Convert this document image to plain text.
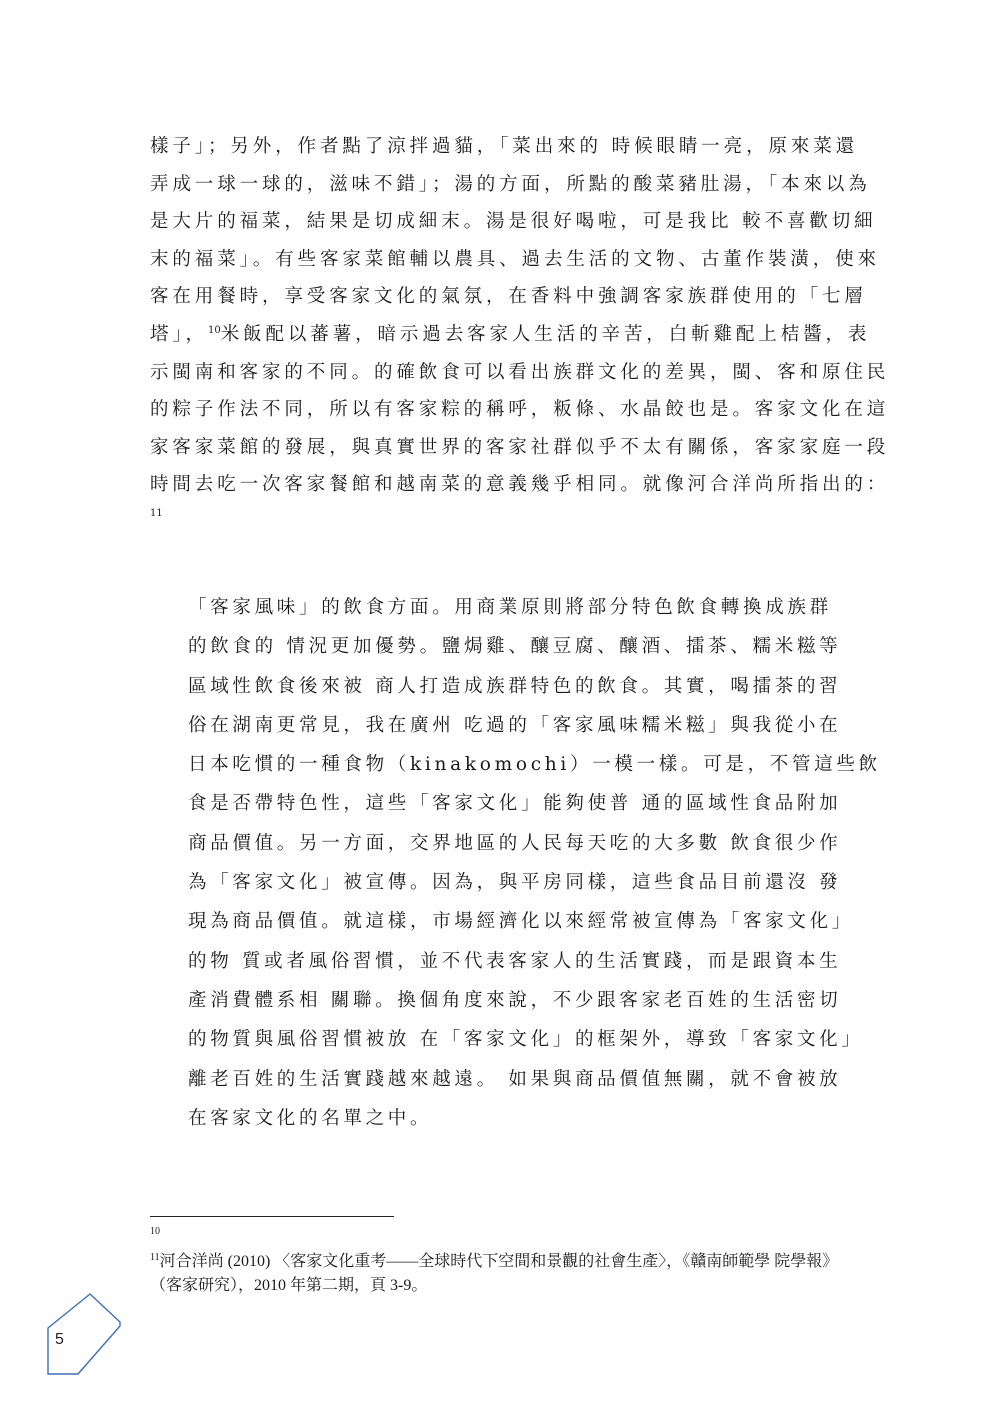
樣子」；另外，作者點了涼拌過貓，「菜出來的 時候眼睛一亮，原來菜還
弄成一球一球的，滋味不錯」；湯的方面，所點的酸菜豬肚湯，「本來以為
是大片的福菜，結果是切成細末。湯是很好喝啦，可是我比 較不喜歡切細
末的福菜」。有些客家菜館輔以農具、過去生活的文物、古董作裝潢，使來
客在用餐時，享受客家文化的氣氛，在香料中強調客家族群使用的「七層
塔」，$^{10}$米飯配以蕃薯，暗示過去客家人生活的辛苦，白斬雞配上桔醬，表
示閩南和客家的不同。的確飲食可以看出族群文化的差異，閩、客和原住民
的粽子作法不同，所以有客家粽的稱呼，粄條、水晶餃也是。客家文化在這
家客家菜館的發展，與真實世界的客家社群似乎不太有關係，客家家庭一段
時間去吃一次客家餐館和越南菜的意義幾乎相同。就像河合洋尚所指出的：
11
「客家風味」的飲食方面。用商業原則將部分特色飲食轉換成族群
的飲食的 情況更加優勢。鹽焗雞、釀豆腐、釀酒、擂茶、糯米糍等
區域性飲食後來被 商人打造成族群特色的飲食。其實，喝擂茶的習
俗在湖南更常見，我在廣州 吃過的「客家風味糯米糍」與我從小在
日本吃慣的一種食物（kinakomochi）一模一樣。可是，不管這些飲
食是否帶特色性，這些「客家文化」能夠使普 通的區域性食品附加
商品價值。另一方面，交界地區的人民每天吃的大多數 飲食很少作
為「客家文化」被宣傳。因為，與平房同樣，這些食品目前還沒 發
現為商品價值。就這樣，市場經濟化以來經常被宣傳為「客家文化」
的物 質或者風俗習慣，並不代表客家人的生活實踐，而是跟資本生
產消費體系相 關聯。換個角度來說，不少跟客家老百姓的生活密切
的物質與風俗習慣被放 在「客家文化」的框架外，導致「客家文化」
離老百姓的生活實踐越來越遠。 如果與商品價值無關，就不會被放
在客家文化的名單之中。
$^{10}$
$^{11}$河合洋尚 (2010) 〈客家文化重考——全球時代下空間和景觀的社會生產〉，《贛南師範學 院學報》
（客家研究），2010 年第二期，頁 3-9。
5
